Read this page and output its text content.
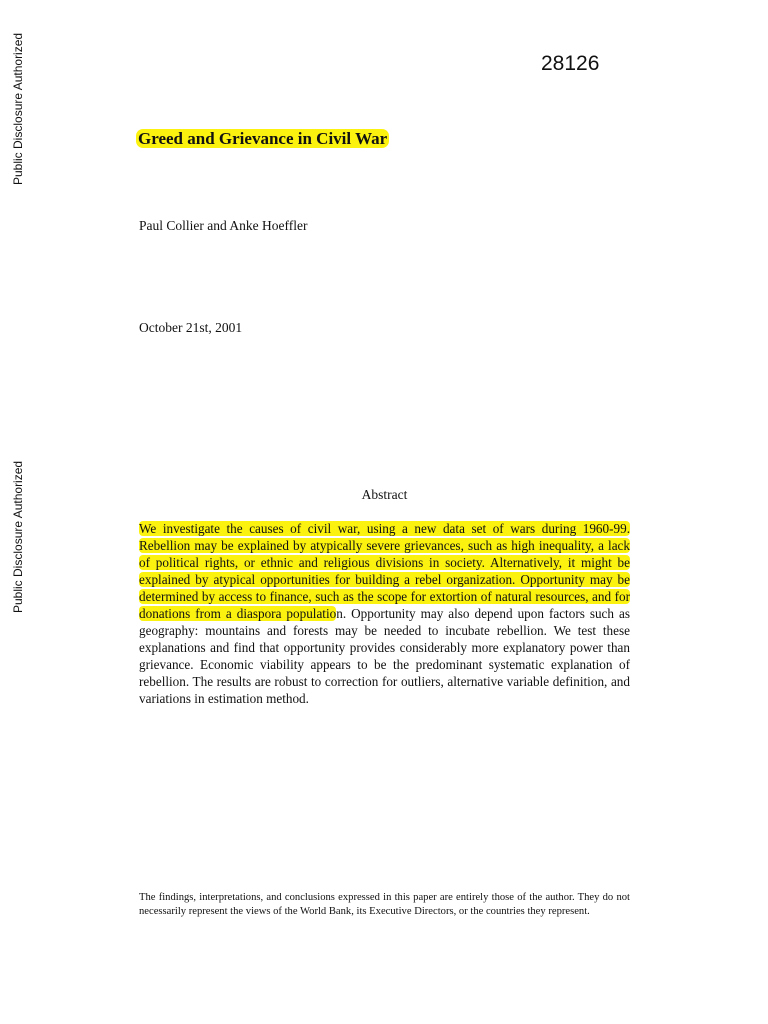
Public Disclosure Authorized
Public Disclosure Authorized
28126
Greed and Grievance in Civil War
Paul Collier and Anke Hoeffler
October 21st, 2001
Abstract

We investigate the causes of civil war, using a new data set of wars during 1960-99. Rebellion may be explained by atypically severe grievances, such as high inequality, a lack of political rights, or ethnic and religious divisions in society. Alternatively, it might be explained by atypical opportunities for building a rebel organization. Opportunity may be determined by access to finance, such as the scope for extortion of natural resources, and for donations from a diaspora population. Opportunity may also depend upon factors such as geography: mountains and forests may be needed to incubate rebellion. We test these explanations and find that opportunity provides considerably more explanatory power than grievance. Economic viability appears to be the predominant systematic explanation of rebellion. The results are robust to correction for outliers, alternative variable definition, and variations in estimation method.

The findings, interpretations, and conclusions expressed in this paper are entirely those of the author. They do not necessarily represent the views of the World Bank, its Executive Directors, or the countries they represent.
